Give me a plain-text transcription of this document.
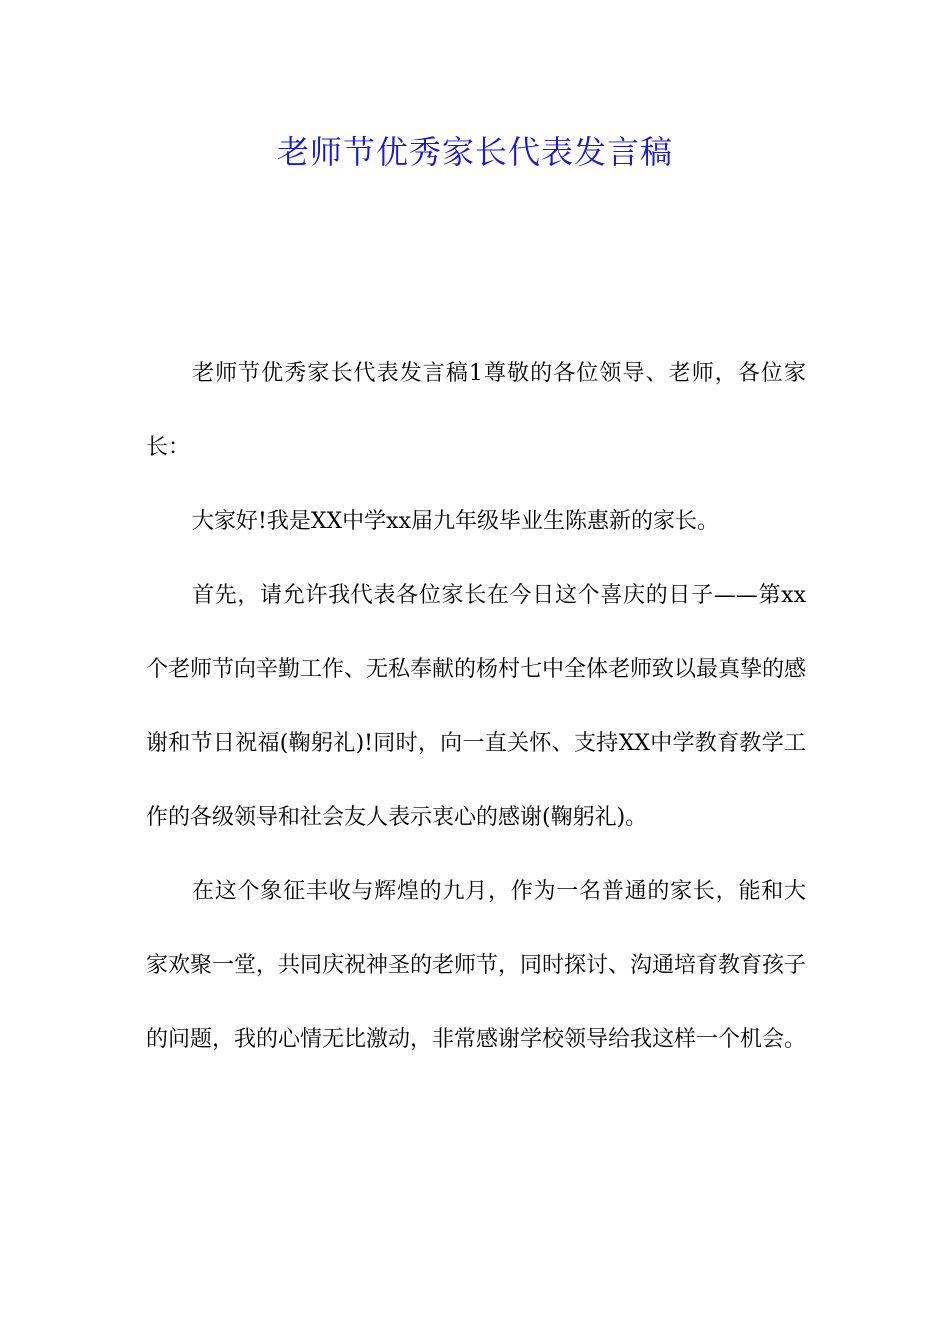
老师节优秀家长代表发言稿

老师节优秀家长代表发言稿1尊敬的各位领导、老师，各位家长：

大家好!我是XX中学xx届九年级毕业生陈惠新的家长。

首先，请允许我代表各位家长在今日这个喜庆的日子——第xx个老师节向辛勤工作、无私奉献的杨村七中全体老师致以最真挚的感谢和节日祝福(鞠躬礼)!同时，向一直关怀、支持XX中学教育教学工作的各级领导和社会友人表示衷心的感谢(鞠躬礼)。

在这个象征丰收与辉煌的九月，作为一名普通的家长，能和大家欢聚一堂，共同庆祝神圣的老师节，同时探讨、沟通培育教育孩子的问题，我的心情无比激动，非常感谢学校领导给我这样一个机会。
